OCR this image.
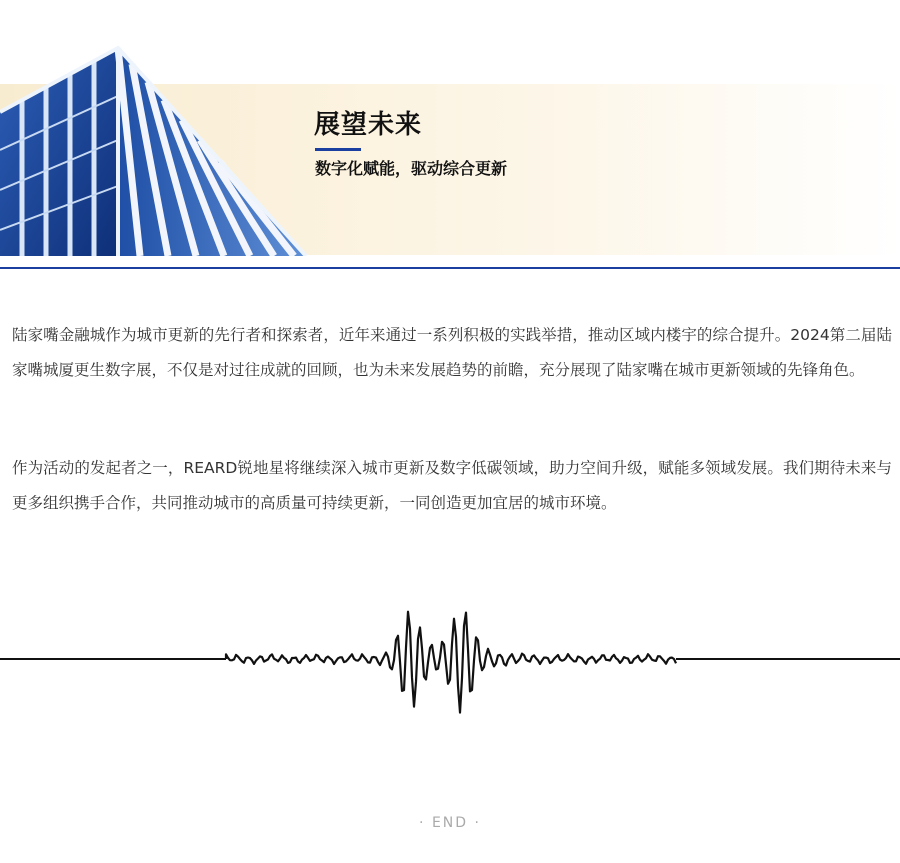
展望未来
数字化赋能，驱动综合更新

陆家嘴金融城作为城市更新的先行者和探索者，近年来通过一系列积极的实践举措，推动区域内楼宇的综合提升。2024第二届陆家嘴城厦更生数字展，不仅是对过往成就的回顾，也为未来发展趋势的前瞻，充分展现了陆家嘴在城市更新领域的先锋角色。

作为活动的发起者之一，REARD锐地星将继续深入城市更新及数字低碳领域，助力空间升级，赋能多领域发展。我们期待未来与更多组织携手合作，共同推动城市的高质量可持续更新，一同创造更加宜居的城市环境。

· END ·
